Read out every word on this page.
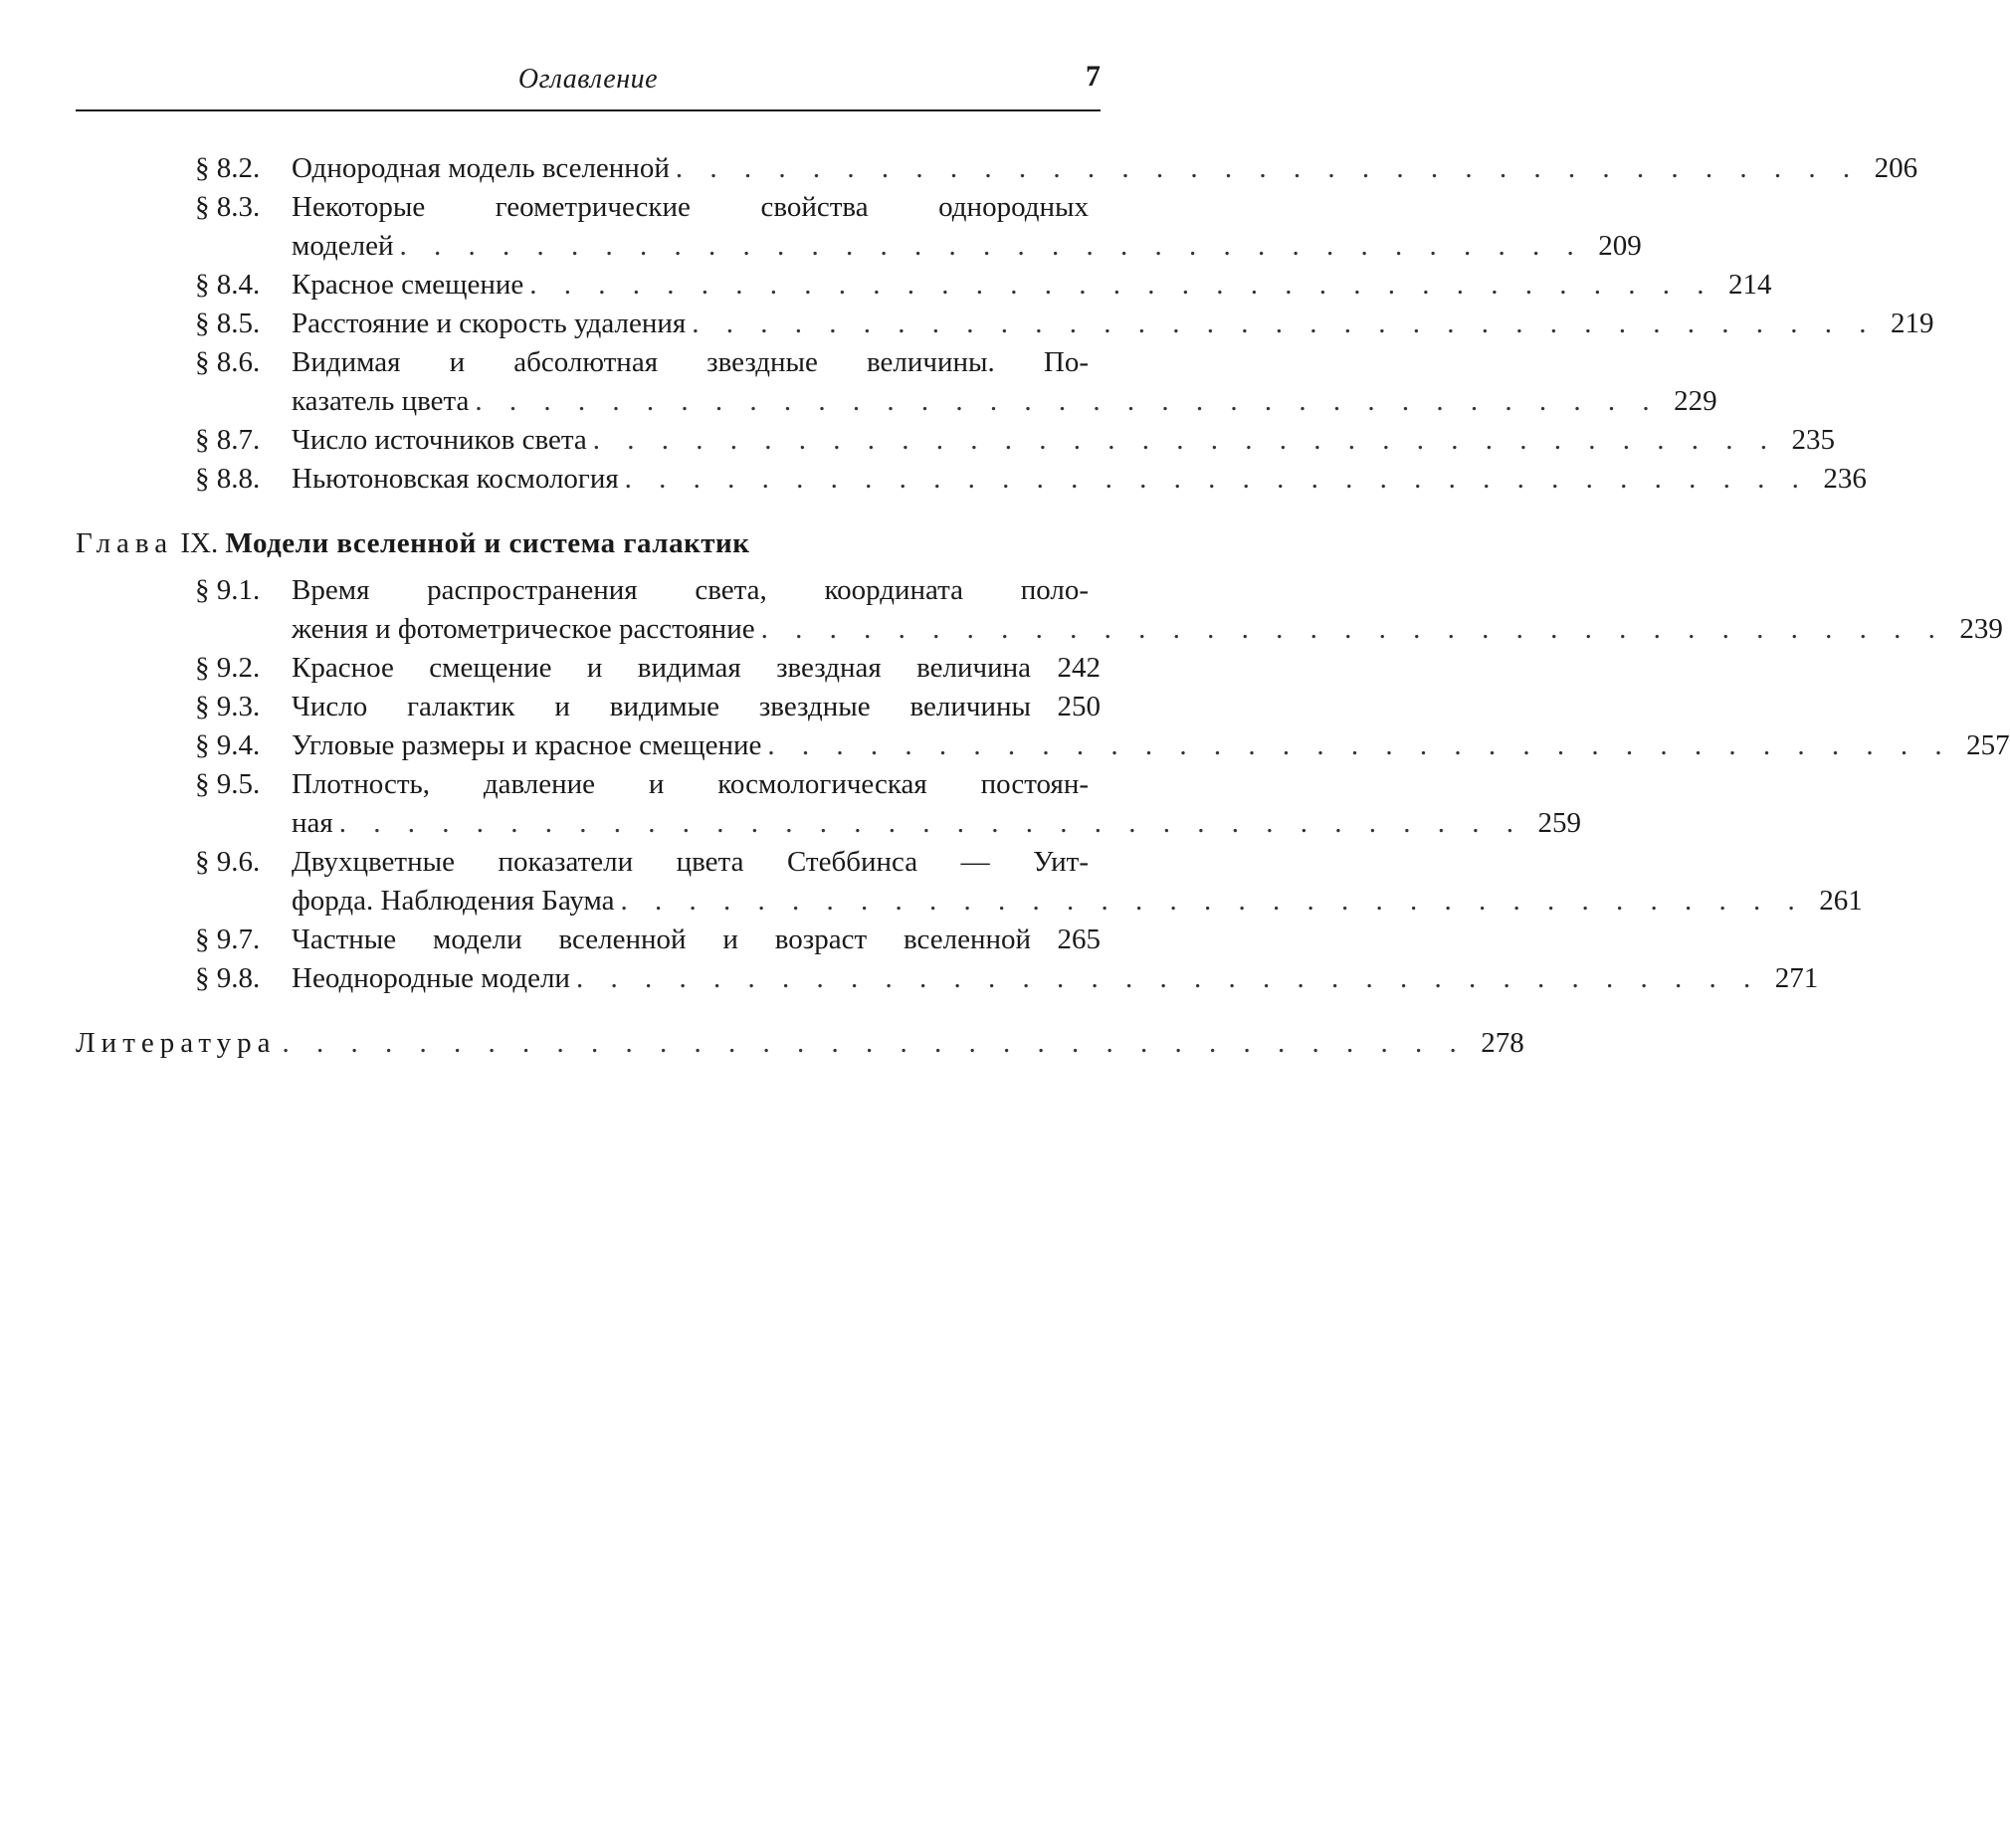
Оглавление	7
§ 8.2. Однородная модель вселенной . . . . . . . . . . . . . . . . . . . . . . . . . . . . . . . . . . . 206
§ 8.3. Некоторые геометрические свойства однородных
моделей . . . . . . . . . . . . . . . . . . . . . . . . . . . . . . . . . . . 209
§ 8.4. Красное смещение . . . . . . . . . . . . . . . . . . . . . . . . . . . . . . . . . . . 214
§ 8.5. Расстояние и скорость удаления . . . . . . . . . . . . . . . . . . . . . . . . . . . . . . . . . . . 219
§ 8.6. Видимая и абсолютная звездные величины. По-
казатель цвета . . . . . . . . . . . . . . . . . . . . . . . . . . . . . . . . . . . 229
§ 8.7. Число источников света . . . . . . . . . . . . . . . . . . . . . . . . . . . . . . . . . . . 235
§ 8.8. Ньютоновская космология . . . . . . . . . . . . . . . . . . . . . . . . . . . . . . . . . . . 236
Глава IX. Модели вселенной и система галактик
§ 9.1. Время распространения света, координата поло-
жения и фотометрическое расстояние . . . . . . . . . . . . . . . . . . . . . . . . . . . . . . . . . . . 239
§ 9.2. Красное смещение и видимая звездная величина 242
§ 9.3. Число галактик и видимые звездные величины 250
§ 9.4. Угловые размеры и красное смещение . . . . . . . . . . . . . . . . . . . . . . . . . . . . . . . . . . . 257
§ 9.5. Плотность, давление и космологическая постоян-
ная . . . . . . . . . . . . . . . . . . . . . . . . . . . . . . . . . . . 259
§ 9.6. Двухцветные показатели цвета Стеббинса — Уит-
форда. Наблюдения Баума . . . . . . . . . . . . . . . . . . . . . . . . . . . . . . . . . . . 261
§ 9.7. Частные модели вселенной и возраст вселенной 265
§ 9.8. Неоднородные модели . . . . . . . . . . . . . . . . . . . . . . . . . . . . . . . . . . . 271
Литература . . . . . . . . . . . . . . . . . . . . . . . . . . . . . . . . . . . 278
